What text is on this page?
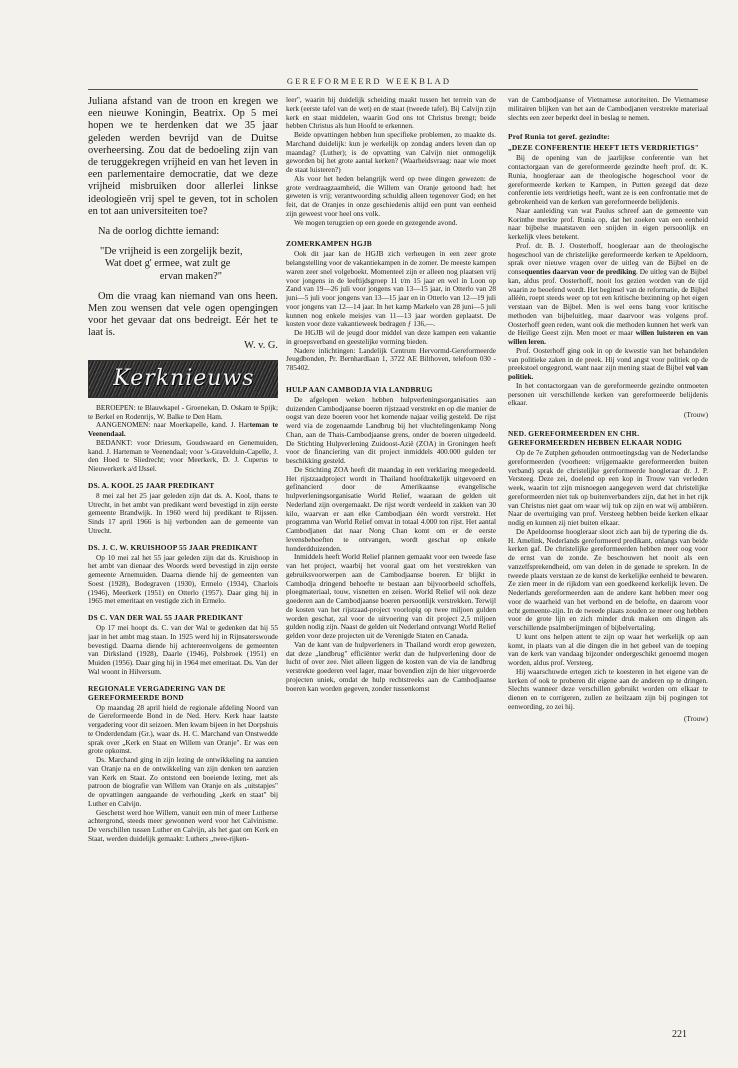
GEREFORMEERD WEEKBLAD

Juliana afstand van de troon en kregen we een nieuwe Koningin, Beatrix. Op 5 mei hopen we te herdenken dat we 35 jaar geleden werden bevrijd van de Duitse overheersing. Zou dat de bedoeling zijn van de teruggekregen vrijheid en van het leven in een parlementaire democratie, dat we deze vrijheid misbruiken door allerlei linkse ideologieën vrij spel te geven, tot in scholen en tot aan universiteiten toe?

Na de oorlog dichtte iemand:

"De vrijheid is een zorgelijk bezit,
Wat doet g' ermee, wat zult ge
ervan maken?"

Om die vraag kan niemand van ons heen. Men zou wensen dat vele ogen opengingen voor het gevaar dat ons bedreigt. Eér het te laat is.
W. v. G.

Kerknieuws

BEROEPEN: te Blauwkapel - Groenekan, D. Oskam te Spijk; te Berkel en Rodenrijs, W. Balke te Den Ham.

AANGENOMEN: naar Moerkapelle, kand. J. Harteman te Veenendaal.

BEDANKT: voor Driesum, Goudswaard en Genemuiden, kand. J. Harteman te Veenendaal; voor 's-Gravelduin-Capelle, J. den Hoed te Sliedrecht; voor Meerkerk, D. J. Cuperus te Nieuwerkerk a/d IJssel.

DS. A. KOOL 25 JAAR PREDIKANT

8 mei zal het 25 jaar geleden zijn dat ds. A. Kool, thans te Utrecht, in het ambt van predikant werd bevestigd in zijn eerste gemeente Brandwijk. In 1960 werd hij predikant te Rijssen. Sinds 17 april 1966 is hij verbonden aan de gemeente van Utrecht.

DS. J. C. W. KRUISHOOP 55 JAAR PREDIKANT

Op 10 mei zal het 55 jaar geleden zijn dat ds. Kruishoop in het ambt van dienaar des Woords werd bevestigd in zijn eerste gemeente Arnemuiden. Daarna diende hij de gemeenten van Soest (1928), Bodegraven (1930), Ermelo (1934), Charlois (1946), Meerkerk (1951) en Otterlo (1957). Daar ging hij in 1965 met emeritaat en vestigde zich in Ermelo.

DS C. VAN DER WAL 55 JAAR PREDIKANT

Op 17 mei hoopt ds. C. van der Wal te gedenken dat hij 55 jaar in het ambt mag staan. In 1925 werd hij in Rijnsaterswoude bevestigd. Daarna diende hij achtereenvolgens de gemeenten van Dirksland (1928), Daarle (1946), Polsbroek (1951) en Muiden (1956). Daar ging hij in 1964 met emeritaat. Ds. Van der Wal woont in Hilversum.

REGIONALE VERGADERING VAN DE GEREFORMEERDE BOND

Op maandag 28 april hield de regionale afdeling Noord van de Gereformeerde Bond in de Ned. Herv. Kerk haar laatste vergadering voor dit seizoen. Men kwam bijeen in het Dorpshuis te Onderdendam (Gr.), waar ds. H. C. Marchand van Onstwedde sprak over „Kerk en Staat en Willem van Oranje". Er was een grote opkomst.

Ds. Marchand ging in zijn lezing de ontwikkeling na aanzien van Oranje na en de ontwikkeling van zijn denken ten aanzien van Kerk en Staat. Zo ontstond een boeiende lezing, met als patroon de biografie van Willem van Oranje en als „uitstapjes" de opvattingen aangaande de verhouding „kerk en staat" bij Luther en Calvijn.

Geschetst werd hoe Willem, vanuit een min of meer Lutherse achtergrond, steeds meer gewonnen werd voor het Calvinisme. De verschillen tussen Luther en Calvijn, als het gaat om Kerk en Staat, werden duidelijk gemaakt: Luthers „twee-rijken-

leer", waarin hij duidelijk scheiding maakt tussen het terrein van de kerk (eerste tafel van de wet) en de staat (tweede tafel). Bij Calvijn zijn kerk en staat middelen, waarin God ons tot Christus brengt; beide hebben Christus als hun Hoofd te erkennen.

Beide opvattingen hebben hun specifieke problemen, zo maakte ds. Marchand duidelijk: kun je werkelijk op zondag anders leven dan op maandag? (Luther); is de opvatting van Calvijn niet onmogelijk geworden bij het grote aantal kerken? (Waarheidsvraag: naar wie moet de staat luisteren?)

Als voor het heden belangrijk werd op twee dingen gewezen: de grote verdraagzaamheid, die Willem van Oranje getoond had: het geweten is vrij; verantwoording schuldig alleen tegenover God; en het feit, dat de Oranjes in onze geschiedenis altijd een punt van eenheid zijn geweest voor heel ons volk.

We mogen terugzien op een goede en gezegende avond.

ZOMERKAMPEN HGJB

Ook dit jaar kan de HGJB zich verheugen in een zeer grote belangstelling voor de vakantiekampen in de zomer. De meeste kampen waren zeer snel volgeboekt. Momenteel zijn er alleen nog plaatsen vrij voor jongens in de leeftijdsgroep 11 t/m 15 jaar en wel in Loon op Zand van 19—26 juli voor jongens van 13—15 jaar, in Otterlo van 28 juni—5 juli voor jongens van 13—15 jaar en in Otterlo van 12—19 juli voor jongens van 12—14 jaar. In het kamp Markelo van 28 juni—5 juli kunnen nog enkele meisjes van 11—13 jaar worden geplaatst. De kosten voor deze vakantieweek bedragen ƒ 136,—.

De HGJB wil de jeugd door middel van deze kampen een vakantie in groepsverband en geestelijke vorming bieden.

Nadere inlichtingen: Landelijk Centrum Hervormd-Gereformeerde Jeugdbonden, Pr. Bernhardlaan 1, 3722 AE Bilthoven, telefoon 030 - 785402.

HULP AAN CAMBODJA VIA LANDBRUG

De afgelopen weken hebben hulpverleningsorganisaties aan duizenden Cambodjaanse boeren rijstzaad verstrekt en op die manier de oogst van deze boeren voor het komende najaar veilig gesteld. De rijst werd via de zogenaamde Landbrug bij het vluchtelingenkamp Nong Chan, aan de Thais-Cambodjaanse grens, onder de boeren uitgedeeld. De Stichting Hulpverlening Zuidoost-Azië (ZOA) in Groningen heeft voor de financiering van dit project inmiddels 400.000 gulden ter beschikking gesteld.

De Stichting ZOA heeft dit maandag in een verklaring meegedeeld. Het rijstzaadproject wordt in Thailand hoofdzakelijk uitgevoerd en gefinancierd door de Amerikaanse evangelische hulpverleningsorganisatie World Relief, waaraan de gelden uit Nederland zijn overgemaakt. De rijst wordt verdeeld in zakken van 30 kilo, waarvan er aan elke Cambodjaan één wordt verstrekt. Het programma van World Relief omvat in totaal 4.000 ton rijst. Het aantal Cambodjanen dat naar Nong Chan komt om er de eerste levensbehoeften te ontvangen, wordt geschat op enkele honderdduizenden.

Inmiddels heeft World Relief plannen gemaakt voor een tweede fase van het project, waarbij het vooral gaat om het verstrekken van gebruiksvoorwerpen aan de Cambodjaanse boeren. Er blijkt in Cambodja dringend behoefte te bestaan aan bijvoorbeeld schoffels, ploegmateriaal, touw, visnetten en zeisen. World Relief wil ook deze goederen aan de Cambodjaanse boeren persoonlijk verstrekken. Terwijl de kosten van het rijstzaad-project voorlopig op twee miljoen gulden worden geschat, zal voor de uitvoering van dit project 2,5 miljoen gulden nodig zijn. Naast de gelden uit Nederland ontvangt World Relief gelden voor deze projecten uit de Verenigde Staten en Canada.

Van de kant van de hulpverleners in Thailand wordt erop gewezen, dat deze „landbrug" efficiënter werkt dan de hulpverlening door de lucht of over zee. Niet alleen liggen de kosten van de via de landbrug verstrekte goederen veel lager, maar bovendien zijn de hier uitgevoerde projecten uniek, omdat de hulp rechtstreeks aan de Cambodjaanse boeren kan worden gegeven, zonder tussenkomst

van de Cambodjaanse of Vietnamese autoriteiten. De Vietnamese militairen blijken van het aan de Cambodjanen verstrekte materiaal slechts een zeer beperkt deel in beslag te nemen.

Prof Runia tot geref. gezindte:
„DEZE CONFERENTIE HEEFT IETS VERDRIETIGS"

Bij de opening van de jaarlijkse conferentie van het contactorgaan van de gereformeerde gezindte heeft prof. dr. K. Runia, hoogleraar aan de theologische hogeschool voor de gereformeerde kerken te Kampen, in Putten gezegd dat deze conferentie iets verdrietigs heeft, want ze is een confrontatie met de gebrokenheid van de kerken van gereformeerde belijdenis.

Naar aanleiding van wat Paulus schreef aan de gemeente van Korinthe merkte prof. Runia op, dat het zoeken van een eenheid naar bijbelse maatstaven een snijden in eigen persoonlijk en kerkelijk vlees betekent.

Prof. dr. B. J. Oosterhoff, hoogleraar aan de theologische hogeschool van de christelijke gereformeerde kerken te Apeldoorn, sprak over nieuwe vragen over de uitleg van de Bijbel en de consequenties daarvan voor de prediking. De uitleg van de Bijbel kan, aldus prof. Oosterhoff, nooit los gezien worden van de tijd waarin ze beoefend wordt. Het beginsel van de reformatie, de Bijbel alléén, roept steeds weer op tot een kritische bezinning op het eigen verstaan van de Bijbel. Men is wel eens bang voor kritische methoden van bijbeluitleg, maar daarvoor was volgens prof. Oosterhoff geen reden, want ook die methoden kunnen het werk van de Heilige Geest zijn. Men moet er maar willen luisteren en van willen leren.

Prof. Oosterhoff ging ook in op de kwestie van het behandelen van politieke zaken in de preek. Hij vond angst voor politiek op de preekstoel ongegrond, want naar zijn mening staat de Bijbel vol van politiek.

In het contactorgaan van de gereformeerde gezindte ontmoeten personen uit verschillende kerken van gereformeerde belijdenis elkaar.

(Trouw)
NED. GEREFORMEERDEN EN CHR. GEREFORMEERDEN HEBBEN ELKAAR NODIG

Op de 7e Zutphen gehouden ontmoetingsdag van de Nederlandse gereformeerden (voorheen: vrijgemaakte gereformeerden buiten verband) sprak de christelijke gereformeerde hoogleraar dr. J. P. Versteeg. Deze zei, doelend op een kop in Trouw van verleden week, waarin tot zijn misnoegen aangegeven werd dat christelijke gereformeerden niet tuk op buitenverbanders zijn, dat het in het rijk van Christus niet gaat om waar wij tuk op zijn en wat wij ambiëren. Naar de overtuiging van prof. Versteeg hebben beide kerken elkaar nodig en kunnen zij niet buiten elkaar.

De Apeldoornse hoogleraar sloot zich aan bij de typering die ds. H. Amelink, Nederlands gereformeerd predikant, onlangs van beide kerken gaf. De christelijke gereformeerden hebben meer oog voor de ernst van de zonde. Ze beschouwen het nooit als een vanzelfsprekendheid, om van delen in de genade te spreken. In de tweede plaats verstaan ze de kunst de kerkelijke eenheid te bewaren. Ze zien meer in de rijkdom van een goedkeend kerkelijk leven. De Nederlands gereformeerden aan de andere kant hebben meer oog voor de waarheid van het verbond en de belofte, en daarom voor echt gemeente-zijn. In de tweede plaats zouden ze meer oog hebben voor de grote lijn en zich minder druk maken om dingen als verschillende psalmberijmingen of bijbelvertaling.

U kunt ons helpen attent te zijn op waar het werkelijk op aan komt, in plaats van al die dingen die in het gebeel van de toeping van de kerk van vandaag bijzonder ondergeschikt genoemd mogen worden, aldus prof. Versteeg.

Hij waarschuwde ertegen zich te koesteren in het eigene van de kerken of ook te proberen dit eigene aan de anderen op te dringen. Slechts wanneer deze verschillen gebruikt worden om elkaar te dienen en te corrigeren, zullen ze heilzaam zijn bij pogingen tot eenwording, zo zei hij.

(Trouw)
221
